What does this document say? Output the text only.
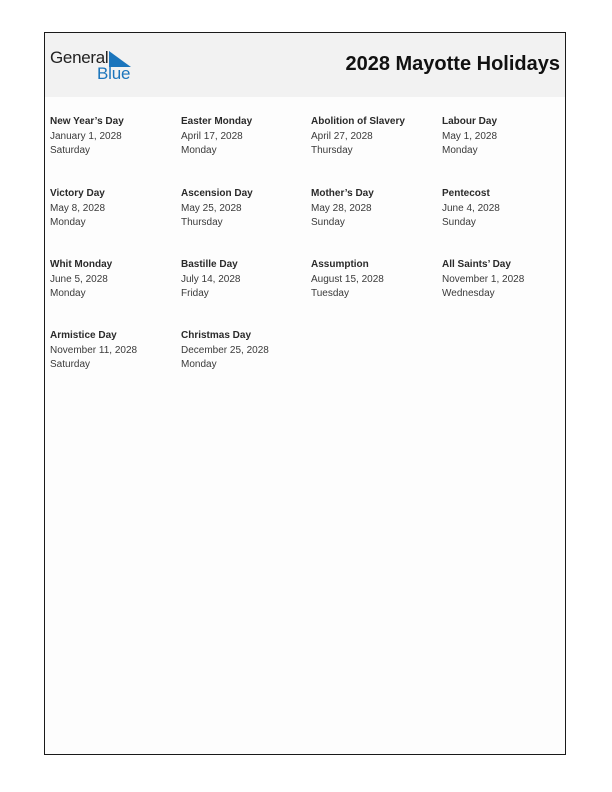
General
Blue	2028 Mayotte Holidays
New Year’s Day
January 1, 2028
Saturday
Easter Monday
April 17, 2028
Monday
Abolition of Slavery
April 27, 2028
Thursday
Labour Day
May 1, 2028
Monday
Victory Day
May 8, 2028
Monday
Ascension Day
May 25, 2028
Thursday
Mother’s Day
May 28, 2028
Sunday
Pentecost
June 4, 2028
Sunday
Whit Monday
June 5, 2028
Monday
Bastille Day
July 14, 2028
Friday
Assumption
August 15, 2028
Tuesday
All Saints’ Day
November 1, 2028
Wednesday
Armistice Day
November 11, 2028
Saturday
Christmas Day
December 25, 2028
Monday
